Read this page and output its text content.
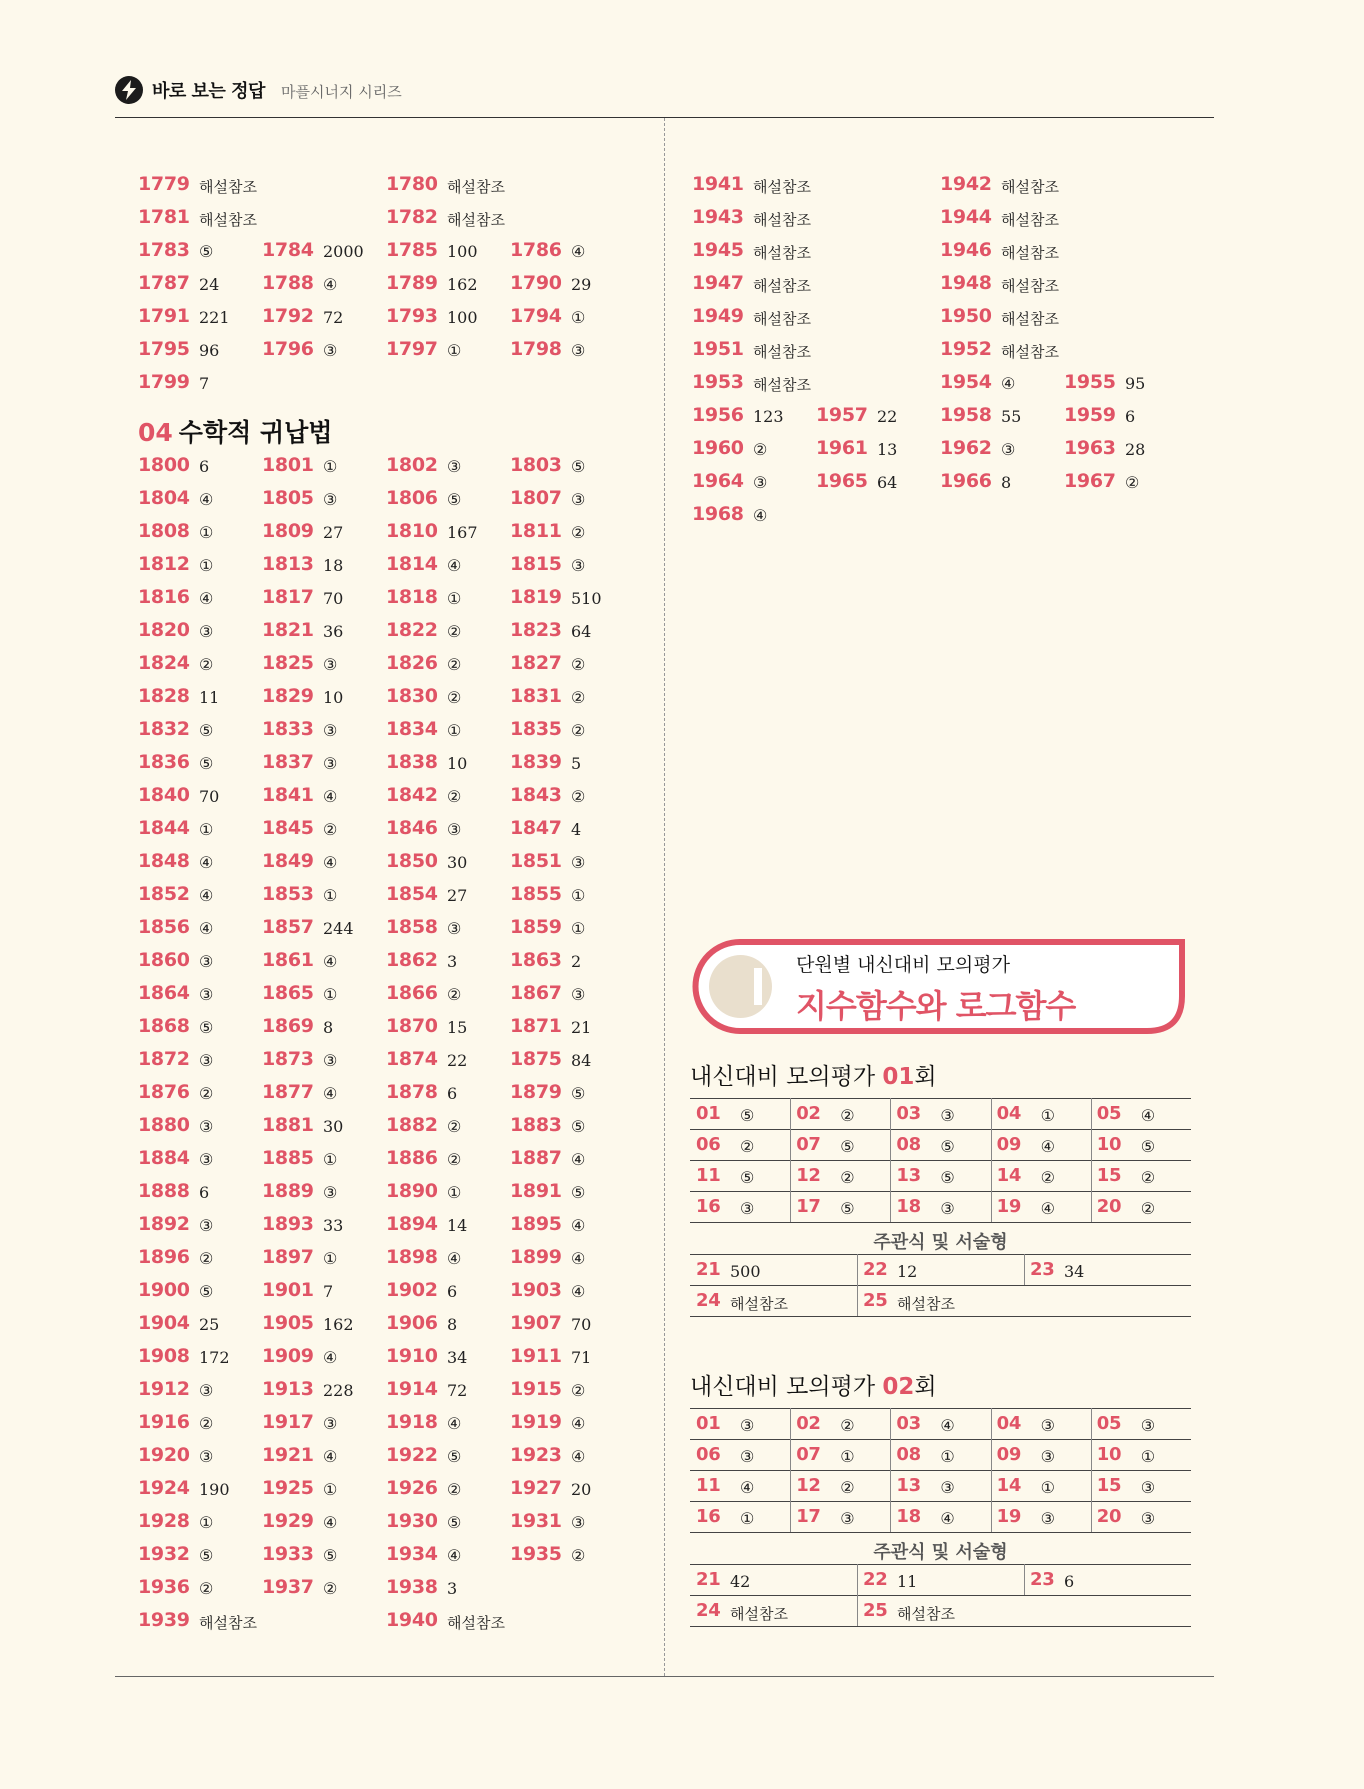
바로 보는 정답 마플시너지 시리즈
1779 해설참조	1780 해설참조
1781 해설참조	1782 해설참조
1783 ⑤	1784 2000 1785 100 1786 ④
1787 24 1788 ④	1789 162 1790 29
1791 221 1792 72 1793 100 1794 ①
1795 96 1796 ③	1797 ①	1798 ③
1799 7
1800 6	1801 ①	1802 ③	1803 ⑤
1804 ④	1805 ③	1806 ⑤	1807 ③
1808 ①	1809 27 1810 167 1811 ②
1812 ①	1813 18 1814 ④	1815 ③
1816 ④	1817 70 1818 ①	1819 510
1820 ③	1821 36 1822 ②	1823 64
1824 ②	1825 ③	1826 ②	1827 ②
1828 11 1829 10 1830 ②	1831 ②
1832 ⑤	1833 ③	1834 ①	1835 ②
1836 ⑤	1837 ③	1838 10 1839 5
1840 70 1841 ④	1842 ②	1843 ②
1844 ①	1845 ②	1846 ③	1847 4
1848 ④	1849 ④	1850 30 1851 ③
1852 ④	1853 ①	1854 27 1855 ①
1856 ④	1857 244 1858 ③	1859 ①
1860 ③	1861 ④	1862 3	1863 2
1864 ③	1865 ①	1866 ②	1867 ③
1868 ⑤	1869 8	1870 15 1871 21
1872 ③	1873 ③	1874 22 1875 84
1876 ②	1877 ④	1878 6	1879 ⑤
1880 ③	1881 30 1882 ②	1883 ⑤
1884 ③	1885 ①	1886 ②	1887 ④
1888 6	1889 ③	1890 ①	1891 ⑤
1892 ③	1893 33 1894 14 1895 ④
1896 ②	1897 ①	1898 ④	1899 ④
1900 ⑤	1901 7	1902 6	1903 ④
1904 25 1905 162 1906 8	1907 70
1908 172 1909 ④	1910 34 1911 71
1912 ③	1913 228 1914 72 1915 ②
1916 ②	1917 ③	1918 ④	1919 ④
1920 ③	1921 ④	1922 ⑤	1923 ④
1924 190 1925 ①	1926 ②	1927 20
1928 ①	1929 ④	1930 ⑤	1931 ③
1932 ⑤	1933 ⑤	1934 ④	1935 ②
1936 ②	1937 ②	1938 3
1939 해설참조	1940 해설참조
1941 해설참조	1942 해설참조
1943 해설참조	1944 해설참조
1945 해설참조	1946 해설참조
1947 해설참조	1948 해설참조
1949 해설참조	1950 해설참조
1951 해설참조	1952 해설참조
1953 해설참조	1954 ④	1955 95
1956 123 1957 22 1958 55 1959 6
1960 ②	1961 13 1962 ③	1963 28
1964 ③	1965 64 1966 8	1967 ②
1968 ④
04 수학적 귀납법
단원별 내신대비 모의평가
지수함수와 로그함수
내신대비 모의평가 01회
01 ⑤ 02 ② 03 ③ 04 ① 05 ④
06 ② 07 ⑤ 08 ⑤ 09 ④ 10 ⑤
11 ⑤ 12 ② 13 ⑤ 14 ② 15 ②
16 ③ 17 ⑤ 18 ③ 19 ④ 20 ②
주관식 및 서술형
21 500	22 12	23 34
24 해설참조	25 해설참조
내신대비 모의평가 02회
01 ③ 02 ② 03 ④ 04 ③ 05 ③
06 ③ 07 ① 08 ① 09 ③ 10 ①
11 ④ 12 ② 13 ③ 14 ① 15 ③
16 ① 17 ③ 18 ④ 19 ③ 20 ③
주관식 및 서술형
21 42	22 11	23 6
24 해설참조	25 해설참조
